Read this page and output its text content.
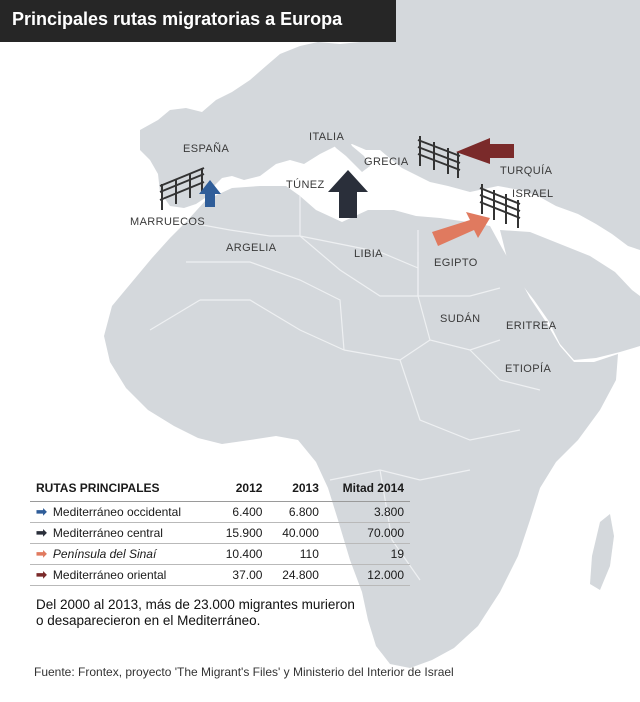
Principales rutas migratorias a Europa
ESPAÑA
ITALIA
GRECIA
TURQUÍA
TÚNEZ
ISRAEL
MARRUECOS
ARGELIA	LIBIA
EGIPTO
SUDÁN
ERITREA
ETIOPÍA
RUTAS PRINCIPALES	2012	2013	Mitad 2014
➡ Mediterráneo occidental	6.400	6.800	3.800
➡ Mediterráneo central	15.900	40.000	70.000
➡ Península del Sinaí	10.400	110	19
➡ Mediterráneo oriental	37.00	24.800	12.000
Del 2000 al 2013, más de 23.000 migrantes murieron o desaparecieron en el Mediterráneo.
Fuente: Frontex, proyecto 'The Migrant's Files' y Ministerio del Interior de Israel
